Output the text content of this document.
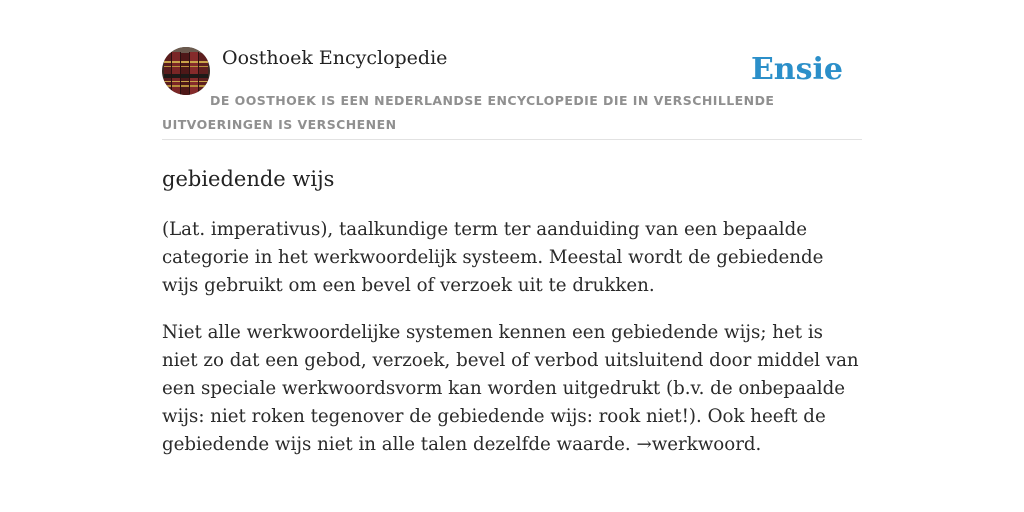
Oosthoek Encyclopedie	Ensie

DE OOSTHOEK IS EEN NEDERLANDSE ENCYCLOPEDIE DIE IN VERSCHILLENDE UITVOERINGEN IS VERSCHENEN

gebiedende wijs

(Lat. imperativus), taalkundige term ter aanduiding van een bepaalde categorie in het werkwoordelijk systeem. Meestal wordt de gebiedende wijs gebruikt om een bevel of verzoek uit te drukken.

Niet alle werkwoordelijke systemen kennen een gebiedende wijs; het is niet zo dat een gebod, verzoek, bevel of verbod uitsluitend door middel van een speciale werkwoordsvorm kan worden uitgedrukt (b.v. de onbepaalde wijs: niet roken tegenover de gebiedende wijs: rook niet!). Ook heeft de gebiedende wijs niet in alle talen dezelfde waarde. →werkwoord.
